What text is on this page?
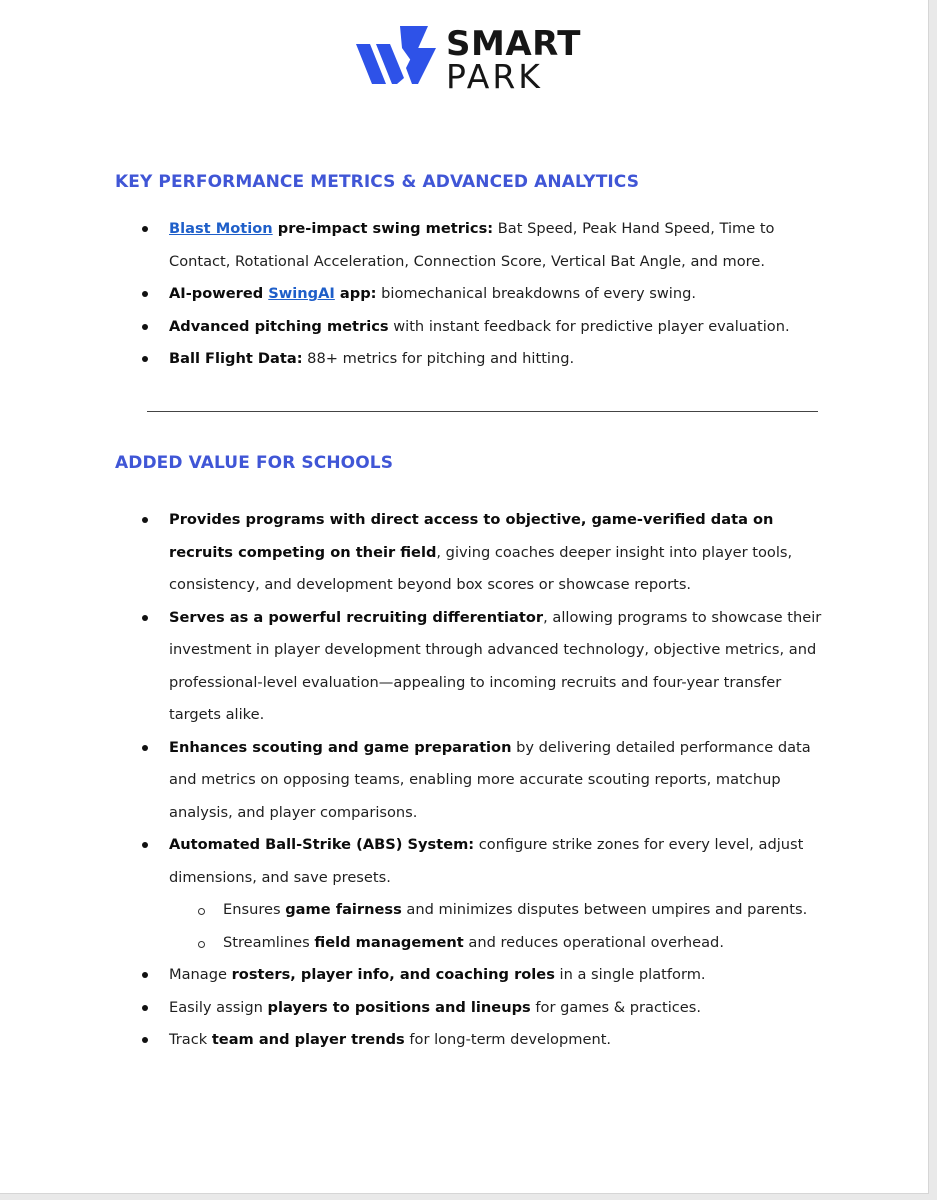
SMART
PARK
KEY PERFORMANCE METRICS & ADVANCED ANALYTICS
Blast Motion pre-impact swing metrics: Bat Speed, Peak Hand Speed, Time to Contact, Rotational Acceleration, Connection Score, Vertical Bat Angle, and more.
AI-powered SwingAI app: biomechanical breakdowns of every swing.
Advanced pitching metrics with instant feedback for predictive player evaluation.
Ball Flight Data: 88+ metrics for pitching and hitting.
ADDED VALUE FOR SCHOOLS
Provides programs with direct access to objective, game-verified data on recruits competing on their field, giving coaches deeper insight into player tools, consistency, and development beyond box scores or showcase reports.
Serves as a powerful recruiting differentiator, allowing programs to showcase their investment in player development through advanced technology, objective metrics, and professional-level evaluation—appealing to incoming recruits and four-year transfer targets alike.
Enhances scouting and game preparation by delivering detailed performance data and metrics on opposing teams, enabling more accurate scouting reports, matchup analysis, and player comparisons.
Automated Ball-Strike (ABS) System: configure strike zones for every level, adjust dimensions, and save presets.
Ensures game fairness and minimizes disputes between umpires and parents.
Streamlines field management and reduces operational overhead.
Manage rosters, player info, and coaching roles in a single platform.
Easily assign players to positions and lineups for games & practices.
Track team and player trends for long-term development.
